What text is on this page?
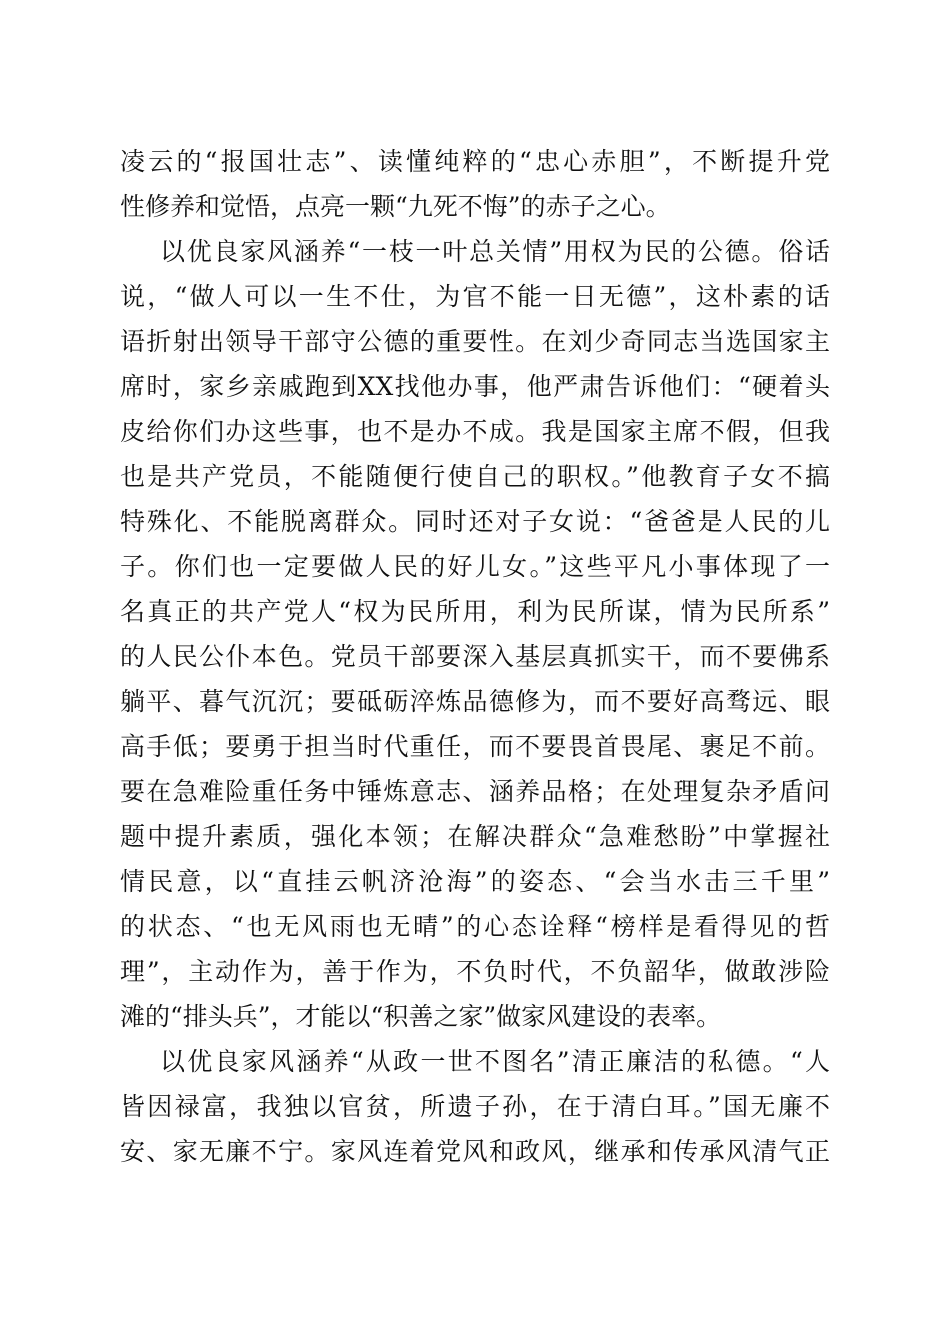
凌云的“报国壮志”、读懂纯粹的“忠心赤胆”，不断提升党
性修养和觉悟，点亮一颗“九死不悔”的赤子之心。
以优良家风涵养“一枝一叶总关情”用权为民的公德。俗话
说，“做人可以一生不仕，为官不能一日无德”，这朴素的话
语折射出领导干部守公德的重要性。在刘少奇同志当选国家主
席时，家乡亲戚跑到XX找他办事，他严肃告诉他们：“硬着头
皮给你们办这些事，也不是办不成。我是国家主席不假，但我
也是共产党员，不能随便行使自己的职权。”他教育子女不搞
特殊化、不能脱离群众。同时还对子女说：“爸爸是人民的儿
子。你们也一定要做人民的好儿女。”这些平凡小事体现了一
名真正的共产党人“权为民所用，利为民所谋，情为民所系”
的人民公仆本色。党员干部要深入基层真抓实干，而不要佛系
躺平、暮气沉沉；要砥砺淬炼品德修为，而不要好高骛远、眼
高手低；要勇于担当时代重任，而不要畏首畏尾、裹足不前。
要在急难险重任务中锤炼意志、涵养品格；在处理复杂矛盾问
题中提升素质，强化本领；在解决群众“急难愁盼”中掌握社
情民意，以“直挂云帆济沧海”的姿态、“会当水击三千里”
的状态、“也无风雨也无晴”的心态诠释“榜样是看得见的哲
理”，主动作为，善于作为，不负时代，不负韶华，做敢涉险
滩的“排头兵”，才能以“积善之家”做家风建设的表率。
以优良家风涵养“从政一世不图名”清正廉洁的私德。“人
皆因禄富，我独以官贫，所遗子孙，在于清白耳。”国无廉不
安、家无廉不宁。家风连着党风和政风，继承和传承风清气正
